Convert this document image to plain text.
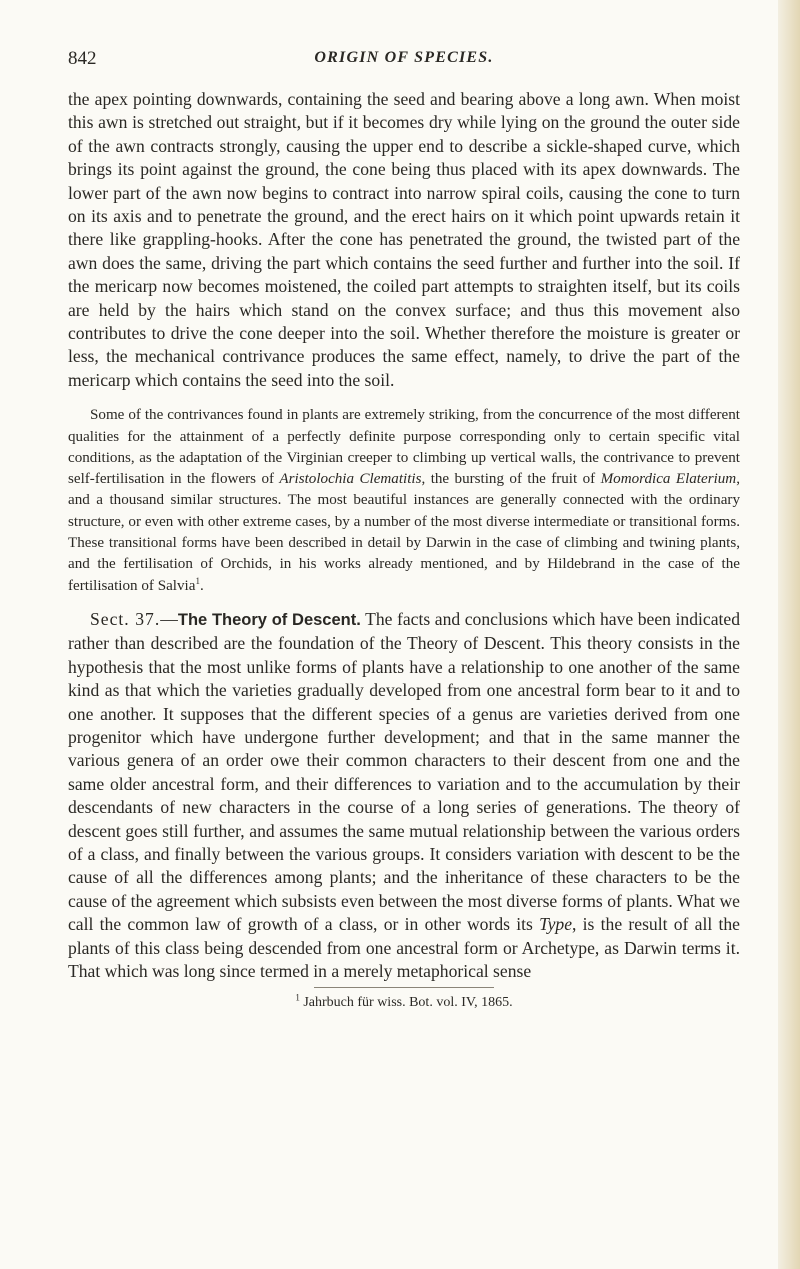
842	ORIGIN OF SPECIES.

the apex pointing downwards, containing the seed and bearing above a long awn. When moist this awn is stretched out straight, but if it becomes dry while lying on the ground the outer side of the awn contracts strongly, causing the upper end to describe a sickle-shaped curve, which brings its point against the ground, the cone being thus placed with its apex downwards. The lower part of the awn now begins to contract into narrow spiral coils, causing the cone to turn on its axis and to penetrate the ground, and the erect hairs on it which point upwards retain it there like grappling-hooks. After the cone has penetrated the ground, the twisted part of the awn does the same, driving the part which contains the seed further and further into the soil. If the mericarp now becomes moistened, the coiled part attempts to straighten itself, but its coils are held by the hairs which stand on the convex surface; and thus this movement also contributes to drive the cone deeper into the soil. Whether therefore the moisture is greater or less, the mechanical contrivance produces the same effect, namely, to drive the part of the mericarp which contains the seed into the soil.

Some of the contrivances found in plants are extremely striking, from the concurrence of the most different qualities for the attainment of a perfectly definite purpose corresponding only to certain specific vital conditions, as the adaptation of the Virginian creeper to climbing up vertical walls, the contrivance to prevent self-fertilisation in the flowers of Aristolochia Clematitis, the bursting of the fruit of Momordica Elaterium, and a thousand similar structures. The most beautiful instances are generally connected with the ordinary structure, or even with other extreme cases, by a number of the most diverse intermediate or transitional forms. These transitional forms have been described in detail by Darwin in the case of climbing and twining plants, and the fertilisation of Orchids, in his works already mentioned, and by Hildebrand in the case of the fertilisation of Salvia$^1$.

Sect. 37.—The Theory of Descent. The facts and conclusions which have been indicated rather than described are the foundation of the Theory of Descent. This theory consists in the hypothesis that the most unlike forms of plants have a relationship to one another of the same kind as that which the varieties gradually developed from one ancestral form bear to it and to one another. It supposes that the different species of a genus are varieties derived from one progenitor which have undergone further development; and that in the same manner the various genera of an order owe their common characters to their descent from one and the same older ancestral form, and their differences to variation and to the accumulation by their descendants of new characters in the course of a long series of generations. The theory of descent goes still further, and assumes the same mutual relationship between the various orders of a class, and finally between the various groups. It considers variation with descent to be the cause of all the differences among plants; and the inheritance of these characters to be the cause of the agreement which subsists even between the most diverse forms of plants. What we call the common law of growth of a class, or in other words its Type, is the result of all the plants of this class being descended from one ancestral form or Archetype, as Darwin terms it. That which was long since termed in a merely metaphorical sense

$^1$ Jahrbuch für wiss. Bot. vol. IV, 1865.
